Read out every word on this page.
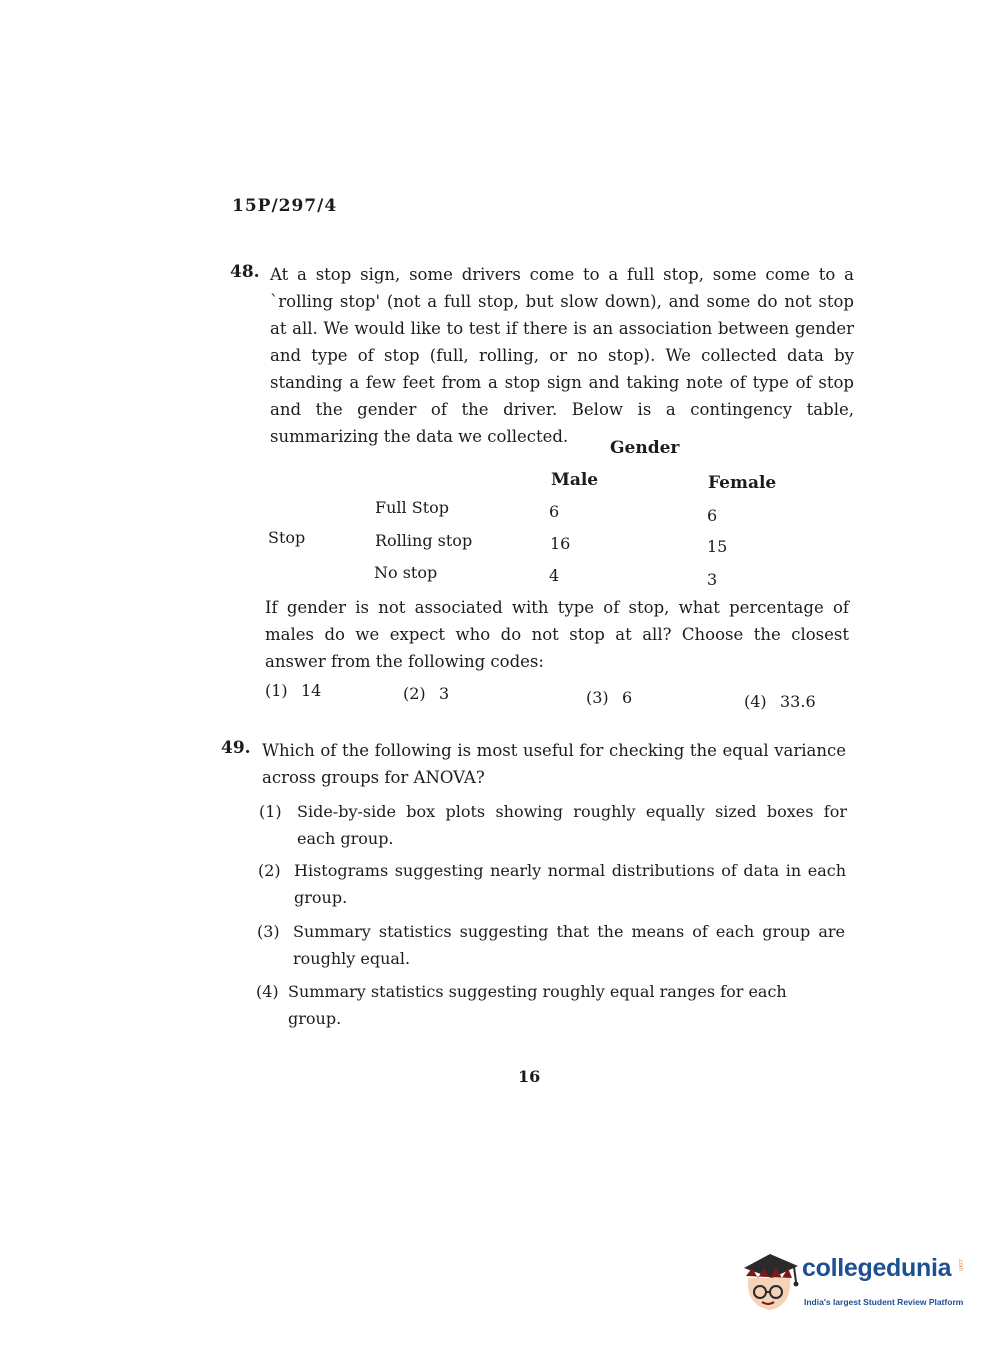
15P/297/4
48. At a stop sign, some drivers come to a full stop, some come to a `rolling stop' (not a full stop, but slow down), and some do not stop at all. We would like to test if there is an association between gender and type of stop (full, rolling, or no stop). We collected data by standing a few feet from a stop sign and taking note of type of stop and the gender of the driver. Below is a contingency table, summarizing the data we collected.
Gender
Male	Female
Stop
Full Stop	6	6
Rolling stop	16	15
No stop	4	3
If gender is not associated with type of stop, what percentage of males do we expect who do not stop at all? Choose the closest answer from the following codes:
(1) 14	(2) 3	(3) 6	(4) 33.6
49. Which of the following is most useful for checking the equal variance across groups for ANOVA?
(1) Side-by-side box plots showing roughly equally sized boxes for each group.
(2) Histograms suggesting nearly normal distributions of data in each group.
(3) Summary statistics suggesting that the means of each group are roughly equal.
(4) Summary statistics suggesting roughly equal ranges for each group.
16
collegedunia .com
India's largest Student Review Platform
